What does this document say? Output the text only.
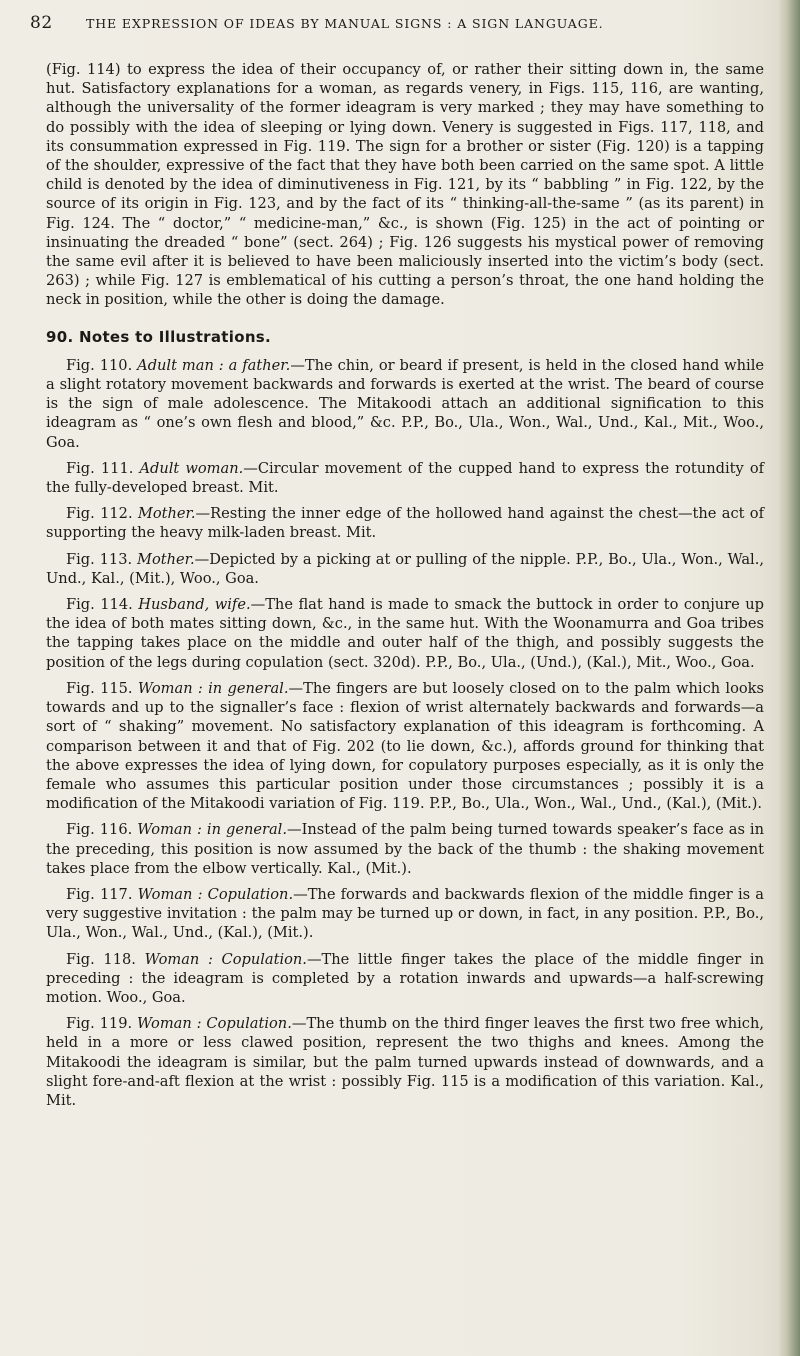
82	THE EXPRESSION OF IDEAS BY MANUAL SIGNS : A SIGN LANGUAGE.

(Fig. 114) to express the idea of their occupancy of, or rather their sitting down in, the same hut. Satisfactory explanations for a woman, as regards venery, in Figs. 115, 116, are wanting, although the universality of the former ideagram is very marked ; they may have something to do possibly with the idea of sleeping or lying down. Venery is suggested in Figs. 117, 118, and its consummation expressed in Fig. 119. The sign for a brother or sister (Fig. 120) is a tapping of the shoulder, expressive of the fact that they have both been carried on the same spot. A little child is denoted by the idea of diminutiveness in Fig. 121, by its “ babbling ” in Fig. 122, by the source of its origin in Fig. 123, and by the fact of its “ thinking-all-the-same ” (as its parent) in Fig. 124. The “ doctor,” “ medicine-man,” &c., is shown (Fig. 125) in the act of pointing or insinuating the dreaded “ bone” (sect. 264) ; Fig. 126 suggests his mystical power of removing the same evil after it is believed to have been maliciously inserted into the victim’s body (sect. 263) ; while Fig. 127 is emblematical of his cutting a person’s throat, the one hand holding the neck in position, while the other is doing the damage.

90. Notes to Illustrations.

Fig. 110. Adult man : a father.—The chin, or beard if present, is held in the closed hand while a slight rotatory movement backwards and forwards is exerted at the wrist. The beard of course is the sign of male adolescence. The Mitakoodi attach an additional signification to this ideagram as “ one’s own flesh and blood,” &c. P.P., Bo., Ula., Won., Wal., Und., Kal., Mit., Woo., Goa.

Fig. 111. Adult woman.—Circular movement of the cupped hand to express the rotundity of the fully-developed breast. Mit.

Fig. 112. Mother.—Resting the inner edge of the hollowed hand against the chest—the act of supporting the heavy milk-laden breast. Mit.

Fig. 113. Mother.—Depicted by a picking at or pulling of the nipple. P.P., Bo., Ula., Won., Wal., Und., Kal., (Mit.), Woo., Goa.

Fig. 114. Husband, wife.—The flat hand is made to smack the buttock in order to conjure up the idea of both mates sitting down, &c., in the same hut. With the Woonamurra and Goa tribes the tapping takes place on the middle and outer half of the thigh, and possibly suggests the position of the legs during copulation (sect. 320d). P.P., Bo., Ula., (Und.), (Kal.), Mit., Woo., Goa.

Fig. 115. Woman : in general.—The fingers are but loosely closed on to the palm which looks towards and up to the signaller’s face : flexion of wrist alternately backwards and forwards—a sort of “ shaking” movement. No satisfactory explanation of this ideagram is forthcoming. A comparison between it and that of Fig. 202 (to lie down, &c.), affords ground for thinking that the above expresses the idea of lying down, for copulatory purposes especially, as it is only the female who assumes this particular position under those circumstances ; possibly it is a modification of the Mitakoodi variation of Fig. 119. P.P., Bo., Ula., Won., Wal., Und., (Kal.), (Mit.).

Fig. 116. Woman : in general.—Instead of the palm being turned towards speaker’s face as in the preceding, this position is now assumed by the back of the thumb : the shaking movement takes place from the elbow vertically. Kal., (Mit.).

Fig. 117. Woman : Copulation.—The forwards and backwards flexion of the middle finger is a very suggestive invitation : the palm may be turned up or down, in fact, in any position. P.P., Bo., Ula., Won., Wal., Und., (Kal.), (Mit.).

Fig. 118. Woman : Copulation.—The little finger takes the place of the middle finger in preceding : the ideagram is completed by a rotation inwards and upwards—a half-screwing motion. Woo., Goa.

Fig. 119. Woman : Copulation.—The thumb on the third finger leaves the first two free which, held in a more or less clawed position, represent the two thighs and knees. Among the Mitakoodi the ideagram is similar, but the palm turned upwards instead of downwards, and a slight fore-and-aft flexion at the wrist : possibly Fig. 115 is a modification of this variation. Kal., Mit.
